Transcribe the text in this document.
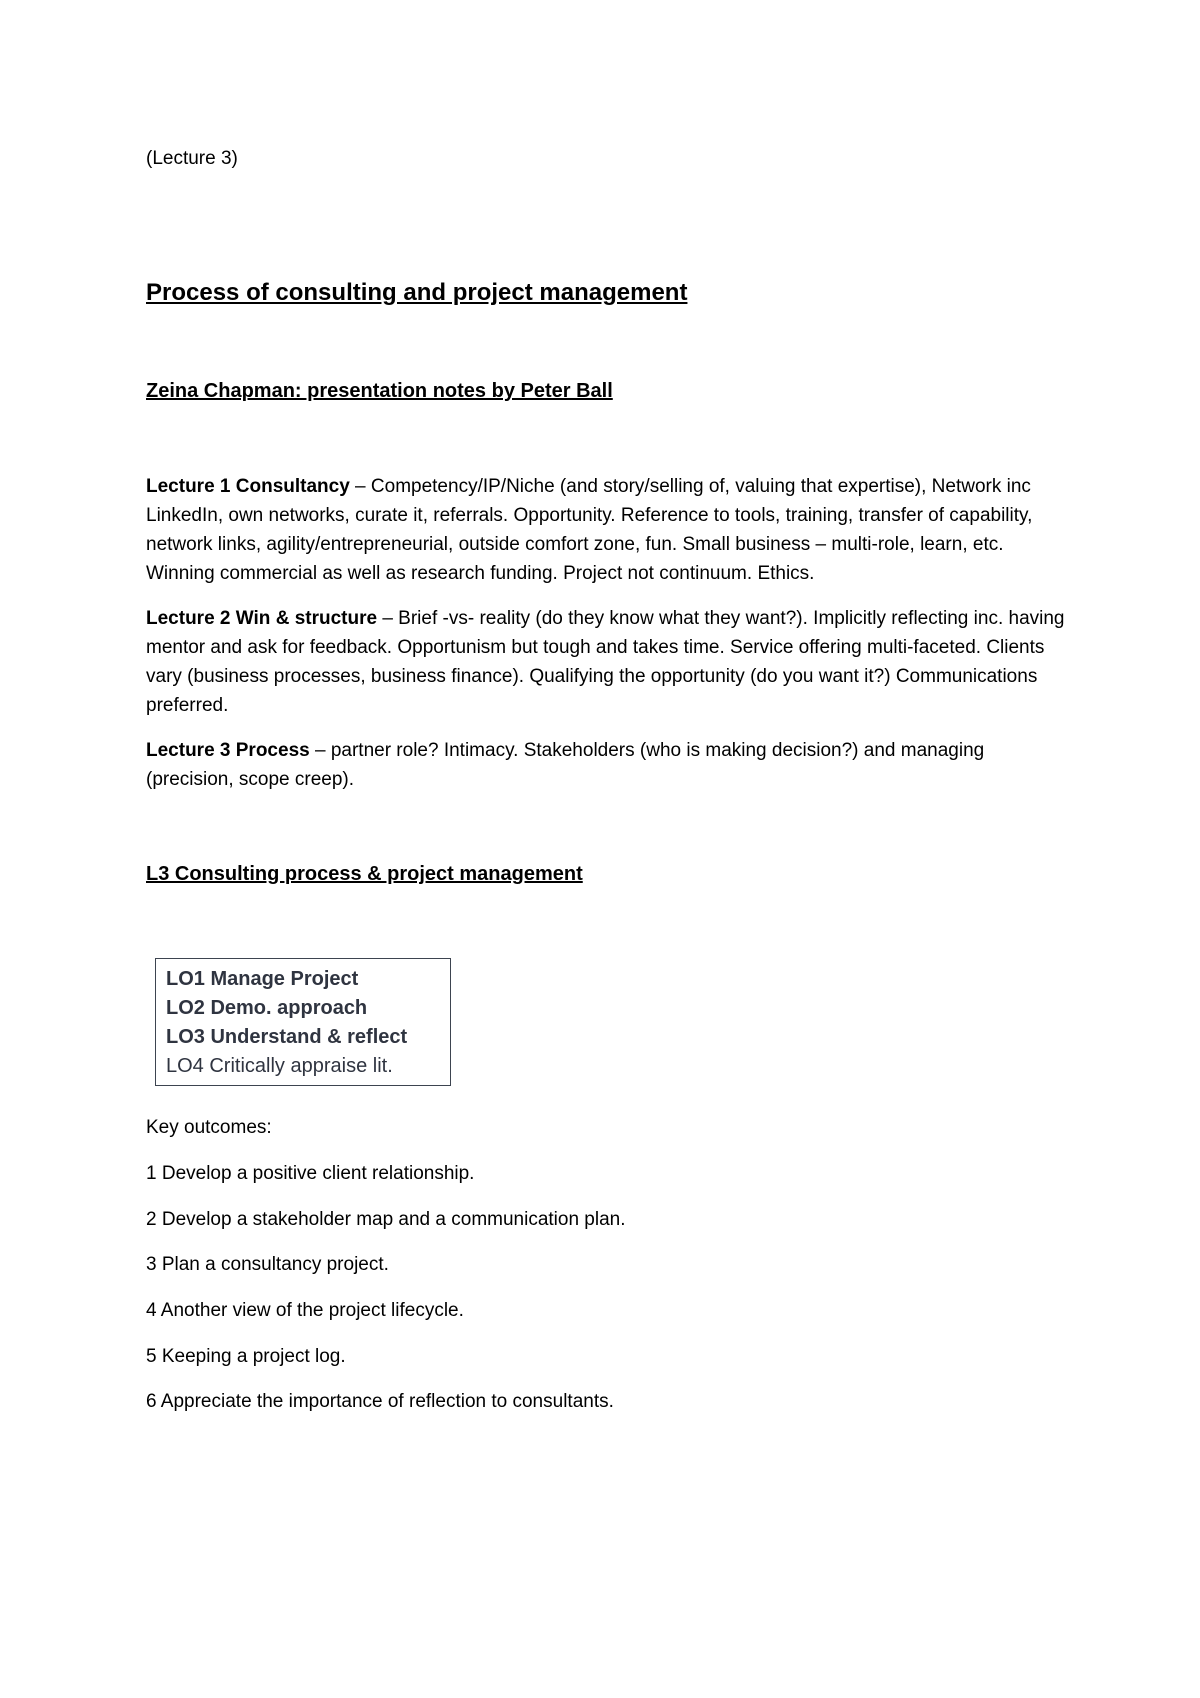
(Lecture 3)
Process of consulting and project management
Zeina Chapman: presentation notes by Peter Ball

Lecture 1 Consultancy – Competency/IP/Niche (and story/selling of, valuing that expertise), Network inc LinkedIn, own networks, curate it, referrals. Opportunity. Reference to tools, training, transfer of capability, network links, agility/entrepreneurial, outside comfort zone, fun. Small business – multi-role, learn, etc. Winning commercial as well as research funding. Project not continuum. Ethics.

Lecture 2 Win & structure – Brief -vs- reality (do they know what they want?). Implicitly reflecting inc. having mentor and ask for feedback. Opportunism but tough and takes time. Service offering multi-faceted. Clients vary (business processes, business finance). Qualifying the opportunity (do you want it?) Communications preferred.

Lecture 3 Process – partner role? Intimacy. Stakeholders (who is making decision?) and managing (precision, scope creep).

L3 Consulting process & project management
LO1 Manage Project
LO2 Demo. approach
LO3 Understand & reflect
LO4 Critically appraise lit.
Key outcomes:
1 Develop a positive client relationship.
2 Develop a stakeholder map and a communication plan.
3 Plan a consultancy project.
4 Another view of the project lifecycle.
5 Keeping a project log.
6 Appreciate the importance of reflection to consultants.
